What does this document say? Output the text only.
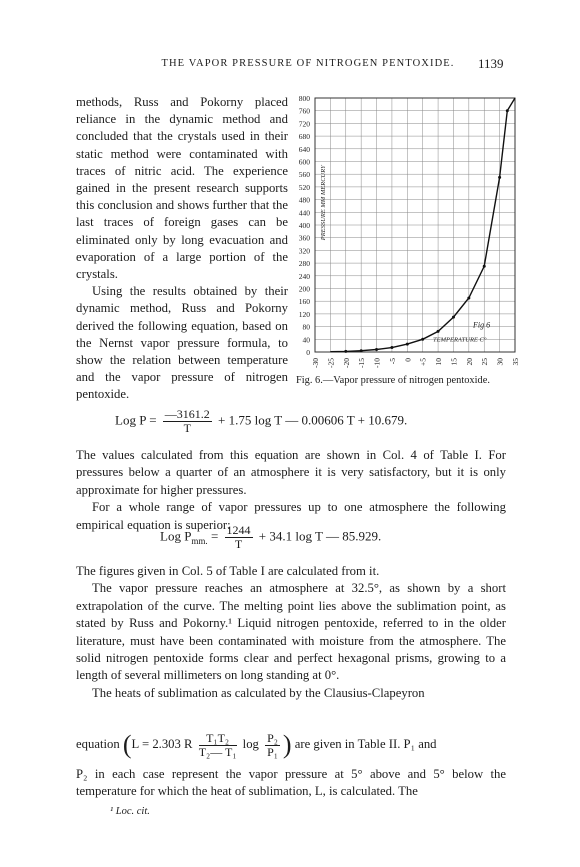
THE VAPOR PRESSURE OF NITROGEN PENTOXIDE.	1139

methods, Russ and Pokorny placed reliance in the dynamic method and concluded that the crystals used in their static method were contaminated with traces of nitric acid. The experience gained in the present research supports this conclusion and shows further that the last traces of foreign gases can be eliminated only by long evacuation and evaporation of a large portion of the crystals.

Using the results obtained by their dynamic method, Russ and Pokorny derived the following equation, based on the Nernst vapor pressure formula, to show the relation between temperature and the vapor pressure of nitrogen pentoxide.

800
760
720
680
640
600
560
520
480
440
400
360
320
280
240
200
160
120
80
40
0
-30 -25 -20 -15 -10 -5 0 +5 10 15 20 25 30 35
Fig 6
TEMPERATURE C°
PRESSURE MM MERCURY
Fig. 6.—Vapor pressure of nitrogen pentoxide.
Log $P = \frac{—3161.2}{T} + 1.75$ log T — 0.00606 T + 10.679.

The values calculated from this equation are shown in Col. 4 of Table I. For pressures below a quarter of an atmosphere it is very satisfactory, but it is only approximate for higher pressures.

For a whole range of vapor pressures up to one atmosphere the following empirical equation is superior:

Log $P_{mm.} = \frac{1244}{T} + 34.1$ log T — 85.929.

The figures given in Col. 5 of Table I are calculated from it.

The vapor pressure reaches an atmosphere at 32.5°, as shown by a short extrapolation of the curve. The melting point lies above the sublimation point, as stated by Russ and Pokorny.¹ Liquid nitrogen pentoxide, referred to in the older literature, must have been contaminated with moisture from the atmosphere. The solid nitrogen pentoxide forms clear and perfect hexagonal prisms, growing to a length of several millimeters on long standing at 0°.

The heats of sublimation as calculated by the Clausius-Clapeyron

equation (L = 2.303 R $\frac{\text{T₁T₂}}{\text{T₂— T₁}}$ $\log \frac{\text{P₂}}{\text{P₁}}$ ) are given in Table II. P₁ and
P₂ in each case represent the vapor pressure at 5° above and 5° below the temperature for which the heat of sublimation, L, is calculated. The
¹ Loc. cit.
